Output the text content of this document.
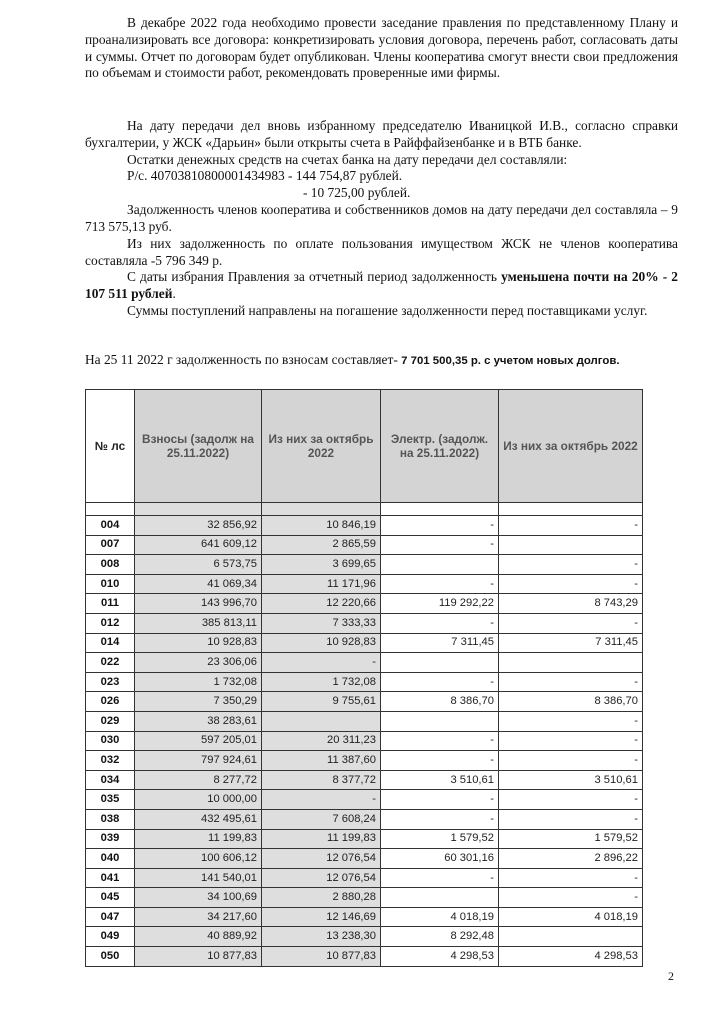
В декабре 2022 года необходимо провести заседание правления по представленному Плану и проанализировать все договора: конкретизировать условия договора, перечень работ, согласовать даты и суммы. Отчет по договорам будет опубликован. Члены кооператива смогут внести свои предложения по объемам и стоимости работ, рекомендовать проверенные ими фирмы.

На дату передачи дел вновь избранному председателю Иваницкой И.В., согласно справки бухгалтерии, у ЖСК «Дарьин» были открыты счета в Райффайзенбанке и в ВТБ банке.

Остатки денежных средств на счетах банка на дату передачи дел составляли:

Р/с. 40703810800001434983 - 144 754,87 рублей.

- 10 725,00 рублей.

Задолженность членов кооператива и собственников домов на дату передачи дел составляла – 9 713 575,13 руб.

Из них задолженность по оплате пользования имуществом ЖСК не членов кооператива составляла -5 796 349 р.

С даты избрания Правления за отчетный период задолженность уменьшена почти на 20% - 2 107 511 рублей.

Суммы поступлений направлены на погашение задолженности перед поставщиками услуг.

На 25 11 2022 г задолженность по взносам составляет- 7 701 500,35 р. с учетом новых долгов.

№ лс	Взносы (задолж на 25.11.2022)	Из них за октябрь 2022	Электр. (задолж. на 25.11.2022)	Из них за октябрь 2022

004	32 856,92	10 846,19	-	-
007	641 609,12	2 865,59	-	
008	6 573,75	3 699,65		-
010	41 069,34	11 171,96	-	-
011	143 996,70	12 220,66	119 292,22	8 743,29
012	385 813,11	7 333,33	-	-
014	10 928,83	10 928,83	7 311,45	7 311,45
022	23 306,06	-		
023	1 732,08	1 732,08	-	-
026	7 350,29	9 755,61	8 386,70	8 386,70
029	38 283,61			-
030	597 205,01	20 311,23	-	-
032	797 924,61	11 387,60	-	-
034	8 277,72	8 377,72	3 510,61	3 510,61
035	10 000,00	-	-	-
038	432 495,61	7 608,24	-	-
039	11 199,83	11 199,83	1 579,52	1 579,52
040	100 606,12	12 076,54	60 301,16	2 896,22
041	141 540,01	12 076,54	-	-
045	34 100,69	2 880,28		-
047	34 217,60	12 146,69	4 018,19	4 018,19
049	40 889,92	13 238,30	8 292,48	
050	10 877,83	10 877,83	4 298,53	4 298,53
2
